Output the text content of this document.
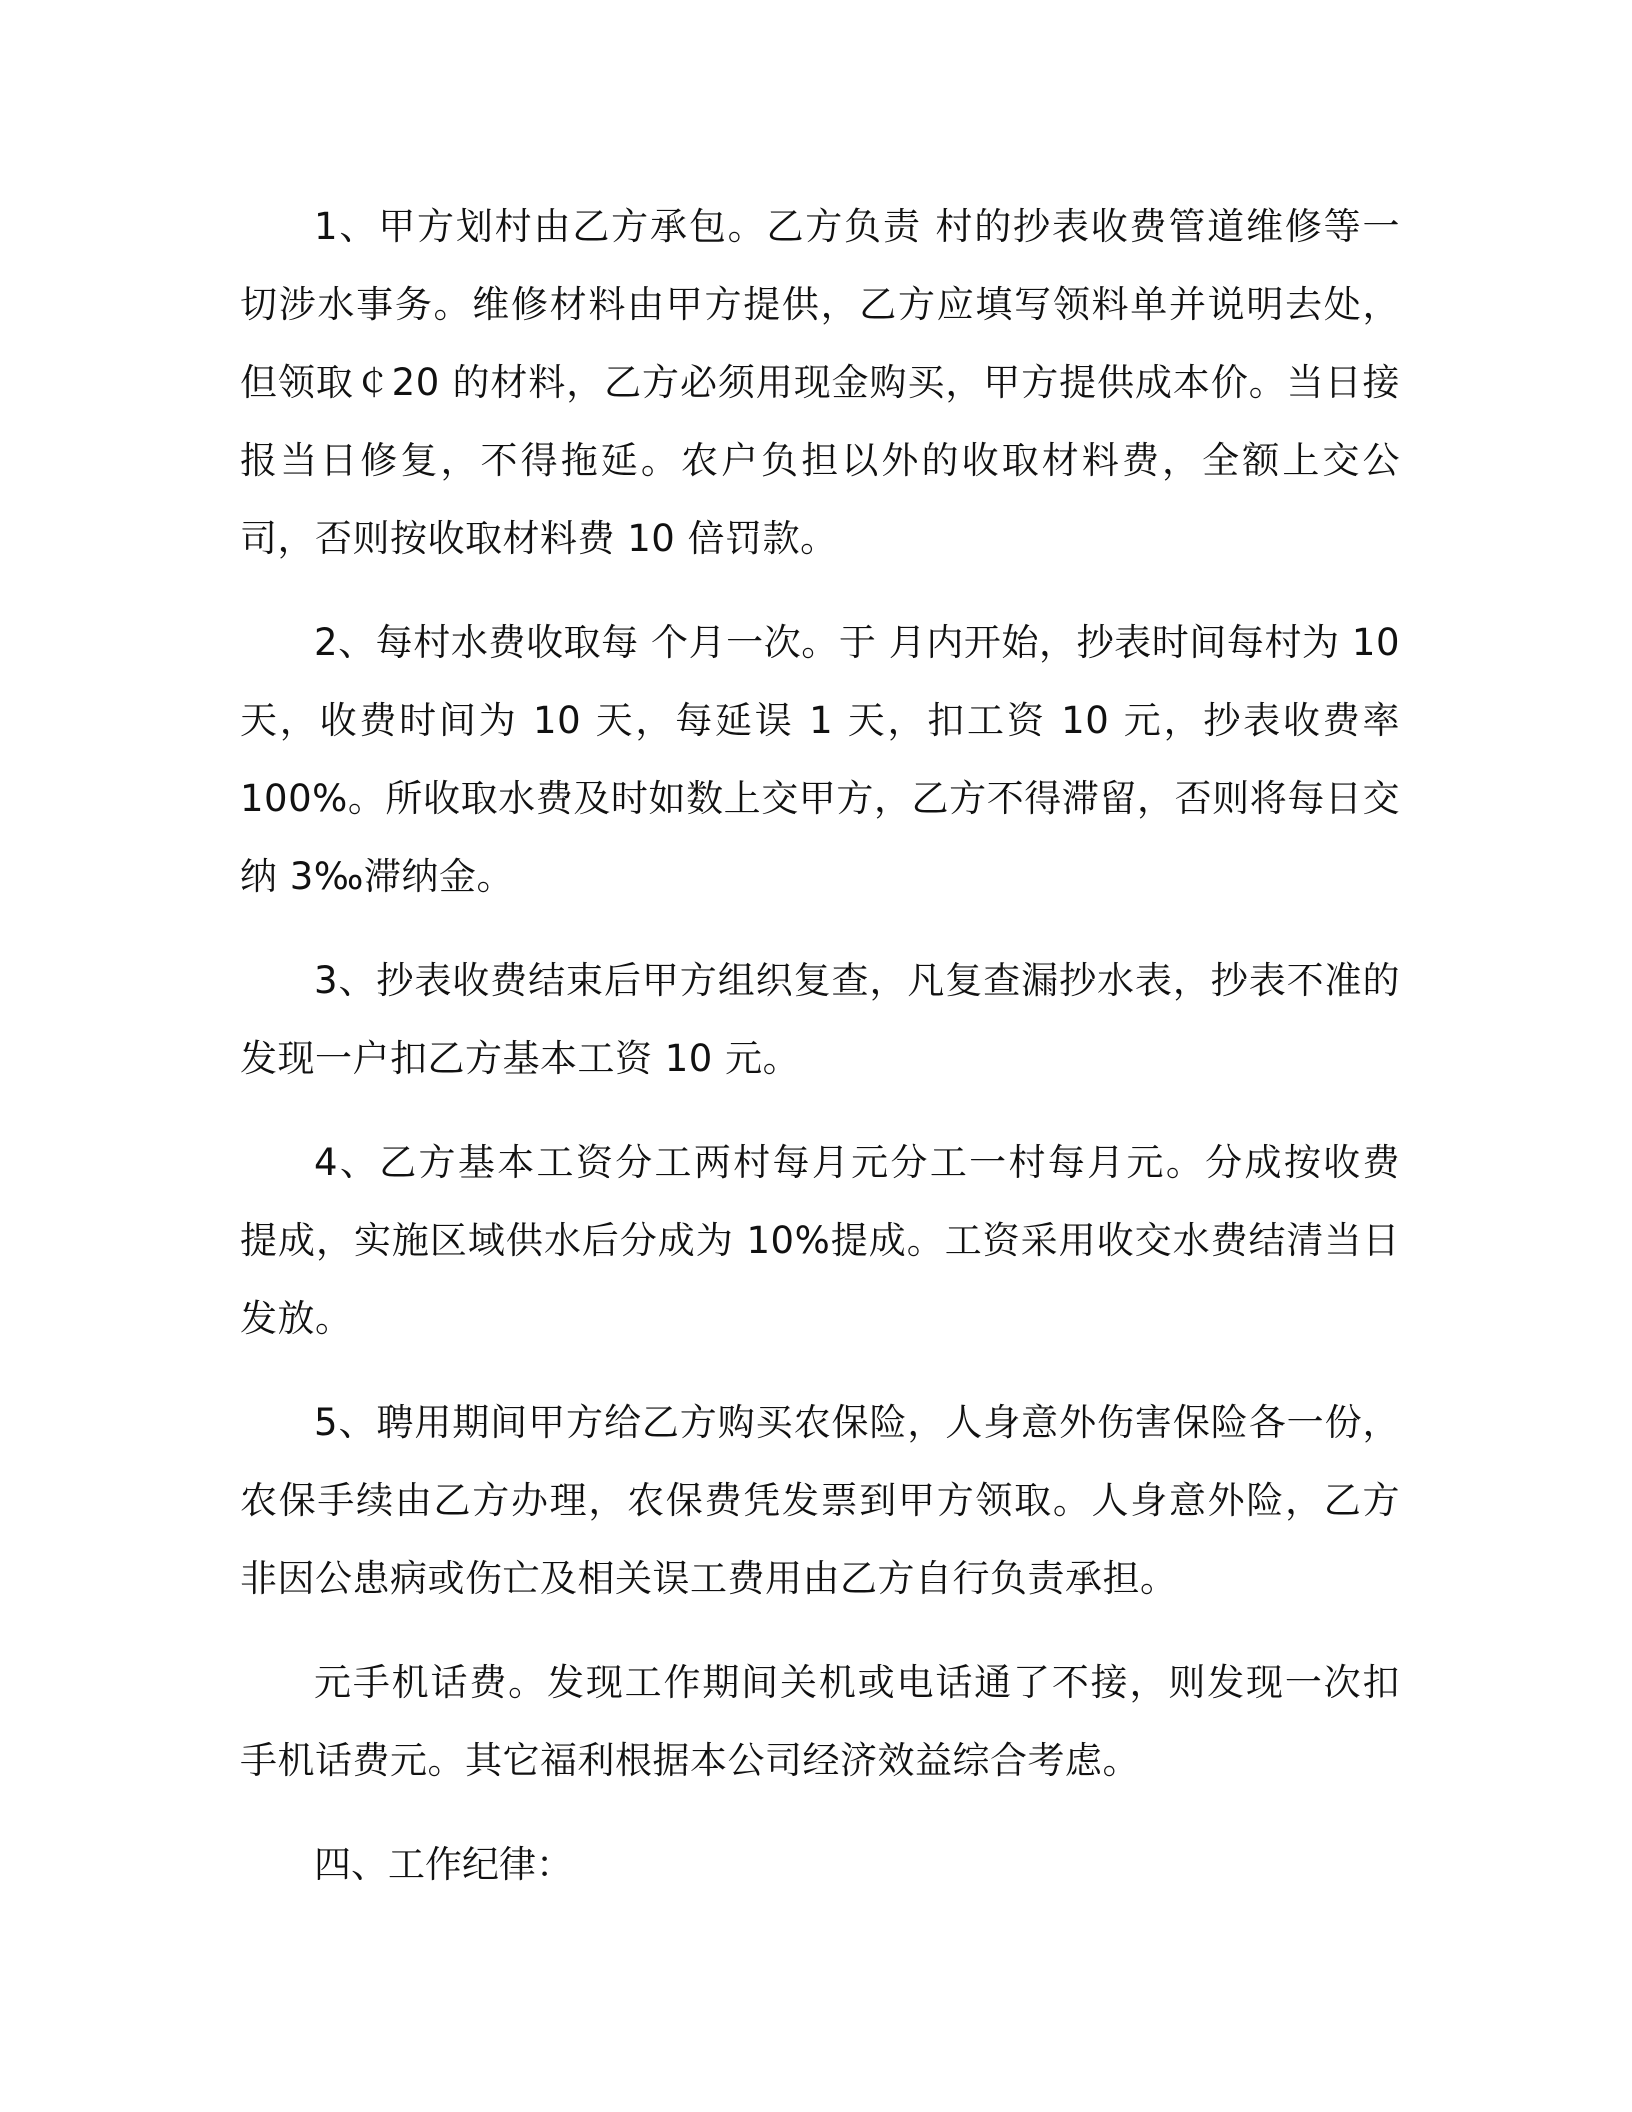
1、甲方划村由乙方承包。乙方负责 村的抄表收费管道维修等一切涉水事务。维修材料由甲方提供，乙方应填写领料单并说明去处，但领取￠20 的材料，乙方必须用现金购买，甲方提供成本价。当日接报当日修复，不得拖延。农户负担以外的收取材料费，全额上交公司，否则按收取材料费 10 倍罚款。

2、每村水费收取每 个月一次。于 月内开始，抄表时间每村为 10 天，收费时间为 10 天，每延误 1 天，扣工资 10 元，抄表收费率 100%。所收取水费及时如数上交甲方，乙方不得滞留，否则将每日交纳 3‰滞纳金。

3、抄表收费结束后甲方组织复查，凡复查漏抄水表，抄表不准的发现一户扣乙方基本工资 10 元。

4、乙方基本工资分工两村每月元分工一村每月元。分成按收费 提成，实施区域供水后分成为 10%提成。工资采用收交水费结清当日发放。

5、聘用期间甲方给乙方购买农保险，人身意外伤害保险各一份，农保手续由乙方办理，农保费凭发票到甲方领取。人身意外险，乙方非因公患病或伤亡及相关误工费用由乙方自行负责承担。

元手机话费。发现工作期间关机或电话通了不接，则发现一次扣手机话费元。其它福利根据本公司经济效益综合考虑。

四、工作纪律：
